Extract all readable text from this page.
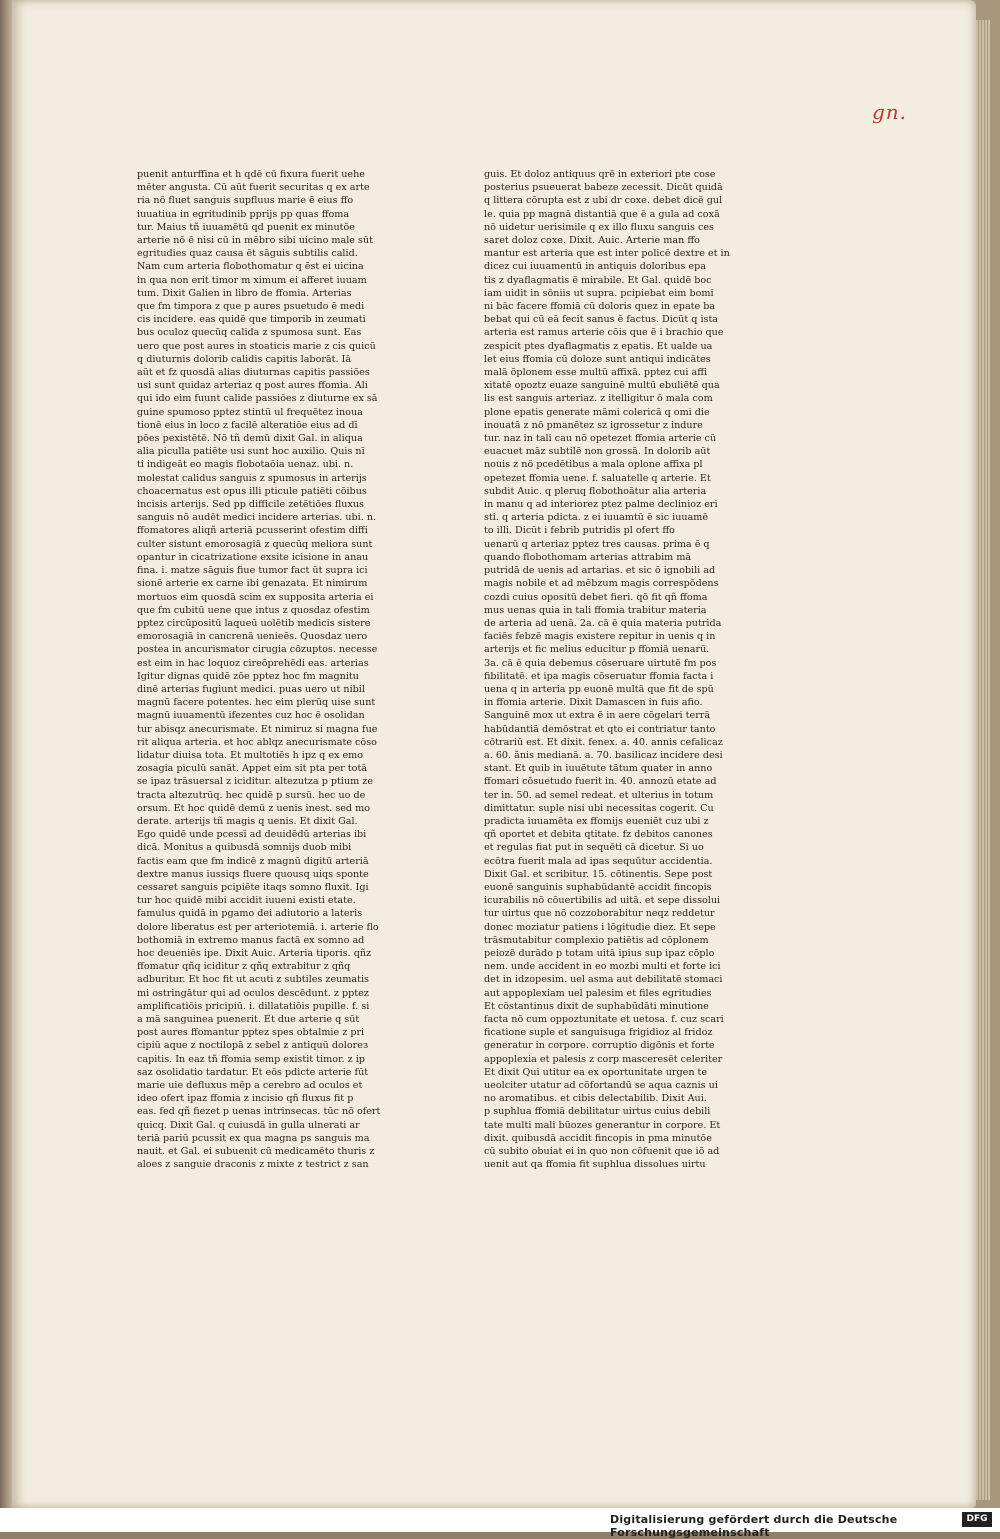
gn.
puenit anturffina et h qdē cū fixura fuerit uehe
mēter angusta. Cū aūt fuerit securitas q ex arte
ria nō fluet sanguis supfluus marie ē eius ffo
iuuatiua in egritudinib pprijs pp quas ffoma
tur. Maius tñ iuuamētū qd puenit ex minutōe
arterie nō ē nisi cū in mēbro sibi uicino male sūt
egritudies quaz causa ēt sāguis subtilis calid.
Nam cum arteria flobothomatur q ēst ei uicina
in qua non erit timor m ximum ei afferet iuuam
tum. Dixit Galien in libro de ffomia. Arterias
que fm timpora z que p aures psuetudo ē medi
cis incidere. eas quidē que timporib in zeumati
bus oculoz quecūq calida z spumosa sunt. Eas
uero que post aures in stoaticis marie z cis quicū
q diuturnis dolorib calidis capitis laborāt. Iā
aūt et fz quosdā alias diuturnas capitis passiōes
usi sunt quidaz arteriaz q post aures ffomia. Ali
qui ido eim fuunt calide passiōes z diuturne ex sā
guine spumoso pptez stintū ul frequētez inoua
tionē eius in loco z facilē alteratiōe eius ad dī
pōes pexistētē. Nō tñ demū dixit Gal. in aliqua
alia piculla patiēte usi sunt hoc auxilio. Quis nī
ti indigeāt eo magis flobotaōia uenaz. ubi. n.
molestat calidus sanguis z spumosus in arterijs
choacernatus est opus illi pticule patiēti cōibus
incisis arterijs. Sed pp difficile zetētiōes fluxus
sanguis nō audēt medici incidere arterias. ubi. n.
ffomatores aliqñ arteriā pcusserint ofestim diffi
culter sistunt emorosagiā z quecūq meliora sunt
opantur in cicatrizatione exsite icisione in anau
fina. i. matze sāguis fiue tumor fact ūt supra ici
sionē arterie ex carne ibi genazata. Et nimirum
mortuos eim quosdā scim ex supposita arteria ei
que fm cubitū uene que intus z quosdaz ofestim
pptez circūpositū laqueū uolētib medicis sistere
emorosagiā in cancrenā uenieēs. Quosdaz uero
postea in ancurismator cirugia cōzuptos. necesse
est eim in hac loquoz cireōprehēdi eas. arterias
Igitur dignas quidē zōe pptez hoc fm magnitu
dinē arterias fugiunt medici. puas uero ut nibil
magnū facere potentes. hec eim plerūq uise sunt
magnū iuuamentū ifezentes cuz hoc ē osolidan
tur abisqz anecurismate. Et nimiruz si magna fue
rit aliqua arteria. et hoc ablqz anecurismate cōso
lidatur diuisa tota. Et multotiēs h ipz q ex emo
zosagia piculū sanāt. Appet eim sit pta per totā
se ipaz trāsuersal z iciditur. altezutza p ptium ze
tracta altezutrūq. hec quidē p sursū. hec uo de
orsum. Et hoc quidē demū z uenis inest. sed mo
derate. arterijs tñ magis q uenis. Et dixit Gal.
Ego quidē unde pcessī ad deuidēdū arterias ibi
dicā. Monitus a quibusdā somnijs duob mibi
factis eam que fm indicē z magnū digitū arteriā
dextre manus iussiqs fluere quousq uiqs sponte
cessaret sanguis pcipiēte itaqs somno fluxit. Igi
tur hoc quidē mibi accidit iuueni existi etate.
famulus quidā in pgamo dei adiutorio a lateris
dolore liberatus est per arteriotemiā. i. arterie flo
bothomiā in extremo manus factā ex somno ad
hoc deueniēs ipe. Dixit Auic. Arteria tiporis. qñz
ffomatur qñq iciditur z qñq extrabitur z qñq
adburitur. Et hoc fit ut acuti z subtiles zeumatis
mi ostringātur qui ad oculos descēdunt. z pptez
amplificatiōis pricipiū. i. dillatatiōis pupille. f. si
a mā sanguinea puenerit. Et due arterie q sūt
post aures ffomantur pptez spes obtalmie z pri
cipiū aque z noctilopā z sebel z antiquū doloreз
capitis. In eaz tñ ffomia semp existit timor. z ip
saz osolidatio tardatur. Et eōs pdicte arterie fūt
marie uie defluxus mēp a cerebro ad oculos et
ideo ofert ipaz ffomia z incisio qñ fluxus fit p
eas. fed qñ fiezet p uenas intrinsecas. tūc nō ofert
quicq. Dixit Gal. q cuiusdā in gulla ulnerati ar
teriā pariū pcussit ex qua magna ps sanguis ma
nauit. et Gal. ei subuenit cū medicamēto thuris z
aloes z sanguie draconis z mixte z testrict z san
guis. Et doloz antiquus qrē in exteriori pte cose
posterius psueuerat babeze zecessit. Dicūt quidā
q littera cōrupta est z ubi dr coxe. debet dicē gul
le. quia pp magnā distantiā que ē a gula ad coxā
nō uidetur uerisimile q ex illo fluxu sanguis ces
saret doloz coxe. Dixit. Auic. Arterie man ffo
mantur est arteria que est inter policē dextre et in
dicez cui iuuamentū in antiquis doloribus epa
tis z dyaflagmatis ē mirabile. Et Gal. quidē boc
iam uidit in sōniis ut supra. pcipiebat eim bomi
ni bāc facere ffomiā cū doloris quez in epate ba
bebat qui cū eā fecit sanus ē factus. Dicūt q ista
arteria est ramus arterie cōis que ē i brachio que
zespicit ptes dyaflagmatis z epatis. Et ualde ua
let eius ffomia cū doloze sunt antiqui indicātes
malā ōplonem esse multū affixā. pptez cui affi
xitatē opoztz euaze sanguinē multū ebuliētē qua
lis est sanguis arteriaz. z itelligitur ō mala com
plone epatis generate māmi colericā q omi die
inouatā z nō pmanētez sz igrossetur z indure
tur. naz in tali cau nō opetezet ffomia arterie cū
euacuet māz subtilē non grossā. In dolorib aūt
nouis z nō pcedētibus a mala oplone affixa pl
opetezet ffomia uene. f. saluatelle q arterie. Et
subdit Auic. q pleruq flobothoātur alia arteria
in manu q ad interiorez ptez palme declinioz eri
sti. q arteria pdicta. z ei iuuamtū ē sic iuuamē
to illi. Dicūt i febrib putridis pl ofert ffo
uenarū q arteriaz pptez tres causas. prima ē q
quando flobothomam arterias attrabim mā
putridā de uenis ad artarias. et sic ō ignobili ad
magis nobile et ad mēbzum magis correspōdens
cozdi cuius opositū debet fieri. qō fit qñ ffoma
mus uenas quia in tali ffomia trabitur materia
de arteria ad uenā. 2a. cā ē quia materia putrida
faciēs febzē magis existere repitur in uenis q in
arterijs et fic melius educitur p ffomiā uenarū.
3a. cā ē quia debemus cōseruare uirtutē fm pos
fibilitatē. et ipa magis cōseruatur ffomia facta i
uena q in arteria pp euonē multā que fit de spū
in ffomia arterie. Dixit Damascen in fuis afio.
Sanguinē mox ut extra ē in aere cōgelari terrā
habūdantiā demōstrat et qto ei contriatur tanto
cōtrariū est. Et dixit. fenex. a. 40. annis cefalicaz
a. 60. ānis medianā. a. 70. basilicaz incidere desi
stant. Et quib in iuuētute tātum quater in anno
ffomari cōsuetudo fuerit in. 40. annozū etate ad
ter in. 50. ad semel redeat. et ulterius in totum
dimittatur. suple nisi ubi necessitas cogerit. Cu
pradicta iuuamēta ex ffomijs eueniēt cuz ubi z
qñ oportet et debita qtitate. fz debitos canones
et regulas fiat put in sequēti cā dicetur. Si uo
ecōtra fuerit mala ad ipas sequūtur accidentia.
Dixit Gal. et scribitur. 15. cōtinentis. Sepe post
euonē sanguinis suphabūdantē accidit fincopis
icurabilis nō cōuertibilis ad uitā. et sepe dissolui
tur uirtus que nō cozzoborabitur neqz reddetur
donec moziatur patiens i lōgitudie diez. Et sepe
trāsmutabitur complexio patiētis ad cōplonem
peiozē durādo p totam uitā ipius sup ipaz cōplo
nem. unde accident in eo mozbi multi et forte ici
det in idzopesim. uel asma aut debilitatē stomaci
aut appoplexiam uel palesim et files egritudies
Et cōstantinus dixit de suphabūdāti minutione
facta nō cum oppoztunitate et uetosa. f. cuz scari
ficatione suple et sanguisuga frigidioz al fridoz
generatur in corpore. corruptio digōnis et forte
appoplexia et palesis z corp masceresēt celeriter
Et dixit Qui utitur ea ex oportunitate urgen te
ueolciter utatur ad cōfortandū se aqua caznis ui
no aromatibus. et cibis delectabilib. Dixit Aui.
p suphlua ffomiā debilitatur uirtus cuius debili
tate multi mali būozes generantur in corpore. Et
dixit. quibusdā accidit fincopis in pma minutōe
cū subito obuiat ei in quo non cōfuenit que iō ad
uenit aut qa ffomia fit suphlua dissolues uirtu
Digitalisierung gefördert durch die Deutsche Forschungsgemeinschaft
DFG
